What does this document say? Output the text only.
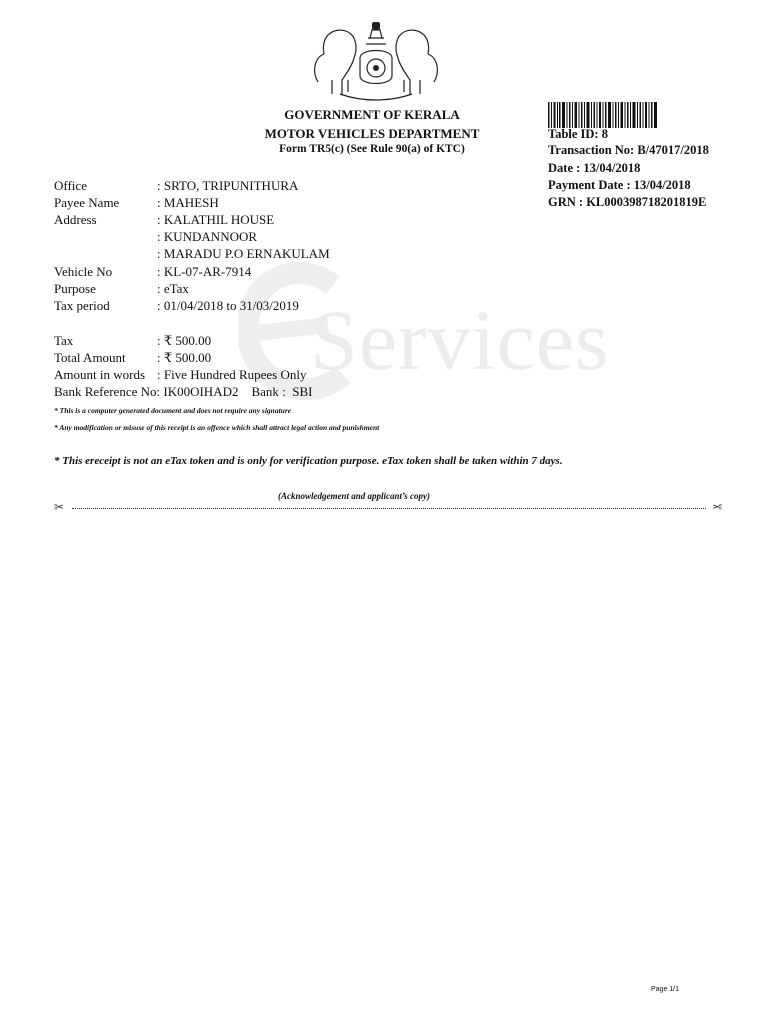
Services
GOVERNMENT OF KERALA
MOTOR VEHICLES DEPARTMENT
Form TR5(c) (See Rule 90(a) of KTC)
Table ID: 8
Transaction No: B/47017/2018
Date : 13/04/2018
Payment Date : 13/04/2018
GRN : KL000398718201819E
Office	: SRTO, TRIPUNITHURA
Payee Name	: MAHESH
Address	: KALATHIL HOUSE
: KUNDANNOOR
: MARADU P.O ERNAKULAM
Vehicle No	: KL-07-AR-7914
Purpose	: eTax
Tax period	: 01/04/2018 to 31/03/2019
Tax	: ₹ 500.00
Total Amount : ₹ 500.00
Amount in words : Five Hundred Rupees Only
Bank Reference No: IK00OIHAD2    Bank :  SBI
* This is a computer generated document and does not require any signature
* Any modification or misuse of this receipt is an offence which shall attract legal action and punishment
* This ereceipt is not an eTax token and is only for verification purpose. eTax token shall be taken within 7 days.
(Acknowledgement and applicant’s copy)
✂	✂
Page 1/1
